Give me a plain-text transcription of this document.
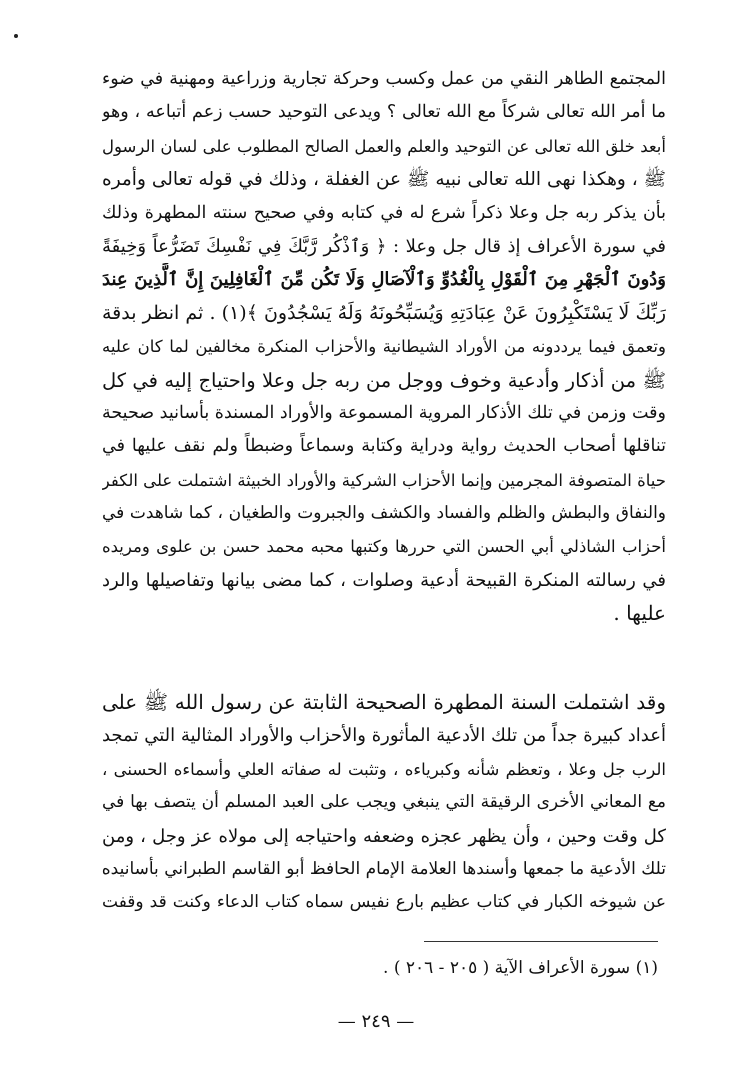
المجتمع الطاهر النقي من عمل وكسب وحركة تجارية وزراعية ومهنية في ضوء
ما أمر الله تعالى شركاً مع الله تعالى ؟ ويدعى التوحيد حسب زعم أتباعه ، وهو
أبعد خلق الله تعالى عن التوحيد والعلم والعمل الصالح المطلوب على لسان الرسول
ﷺ ، وهكذا نهى الله تعالى نبيه ﷺ عن الغفلة ، وذلك في قوله تعالى وأمره
بأن يذكر ربه جل وعلا ذكراً شرع له في كتابه وفي صحيح سنته المطهرة وذلك
في سورة الأعراف إذ قال جل وعلا : ﴿ وَٱذْكُر رَّبَّكَ فِي نَفْسِكَ تَضَرُّعاً وَخِيفَةً
وَدُونَ ٱلْجَهْرِ مِنَ ٱلْقَوْلِ بِالْغُدُوِّ وَٱلْآصَالِ وَلَا تَكُن مِّنَ ٱلْغَافِلِينَ إِنَّ ٱلَّذِينَ عِندَ
رَبِّكَ لَا يَسْتَكْبِرُونَ عَنْ عِبَادَتِهِ وَيُسَبِّحُونَهُ وَلَهُ يَسْجُدُونَ ﴾(١) . ثم انظر بدقة
وتعمق فيما يرددونه من الأوراد الشيطانية والأحزاب المنكرة مخالفين لما كان عليه
ﷺ من أذكار وأدعية وخوف ووجل من ربه جل وعلا واحتياج إليه في كل
وقت وزمن في تلك الأذكار المروية المسموعة والأوراد المسندة بأسانيد صحيحة
تناقلها أصحاب الحديث رواية ودراية وكتابة وسماعاً وضبطاً ولم نقف عليها في
حياة المتصوفة المجرمين وإنما الأحزاب الشركية والأوراد الخبيثة اشتملت على الكفر
والنفاق والبطش والظلم والفساد والكشف والجبروت والطغيان ، كما شاهدت في
أحزاب الشاذلي أبي الحسن التي حررها وكتبها محبه محمد حسن بن علوى ومريده
في رسالته المنكرة القبيحة أدعية وصلوات ، كما مضى بيانها وتفاصيلها والرد
عليها .
وقد اشتملت السنة المطهرة الصحيحة الثابتة عن رسول الله ﷺ على
أعداد كبيرة جداً من تلك الأدعية المأثورة والأحزاب والأوراد المثالية التي تمجد
الرب جل وعلا ، وتعظم شأنه وكبرياءه ، وتثبت له صفاته العلي وأسماءه الحسنى ،
مع المعاني الأخرى الرقيقة التي ينبغي ويجب على العبد المسلم أن يتصف بها في
كل وقت وحين ، وأن يظهر عجزه وضعفه واحتياجه إلى مولاه عز وجل ، ومن
تلك الأدعية ما جمعها وأسندها العلامة الإمام الحافظ أبو القاسم الطبراني بأسانيده
عن شيوخه الكبار في كتاب عظيم بارع نفيس سماه كتاب الدعاء وكنت قد وقفت
(١) سورة الأعراف الآية ( ٢٠٥ - ٢٠٦ ) .
— ٢٤٩ —
